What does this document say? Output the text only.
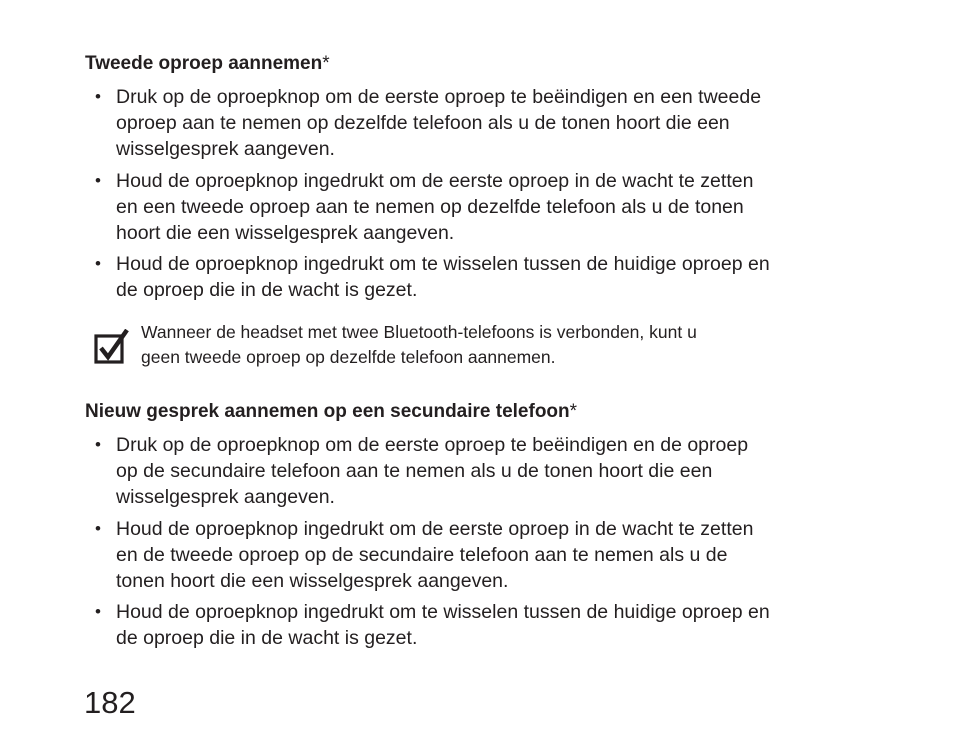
Tweede oproep aannemen*
• Druk op de oproepknop om de eerste oproep te beëindigen en een tweede
oproep aan te nemen op dezelfde telefoon als u de tonen hoort die een
wisselgesprek aangeven.
• Houd de oproepknop ingedrukt om de eerste oproep in de wacht te zetten
en een tweede oproep aan te nemen op dezelfde telefoon als u de tonen
hoort die een wisselgesprek aangeven.
• Houd de oproepknop ingedrukt om te wisselen tussen de huidige oproep en
de oproep die in de wacht is gezet.
Wanneer de headset met twee Bluetooth-telefoons is verbonden, kunt u
geen tweede oproep op dezelfde telefoon aannemen.
Nieuw gesprek aannemen op een secundaire telefoon*
• Druk op de oproepknop om de eerste oproep te beëindigen en de oproep
op de secundaire telefoon aan te nemen als u de tonen hoort die een
wisselgesprek aangeven.
• Houd de oproepknop ingedrukt om de eerste oproep in de wacht te zetten
en de tweede oproep op de secundaire telefoon aan te nemen als u de
tonen hoort die een wisselgesprek aangeven.
• Houd de oproepknop ingedrukt om te wisselen tussen de huidige oproep en
de oproep die in de wacht is gezet.
182
